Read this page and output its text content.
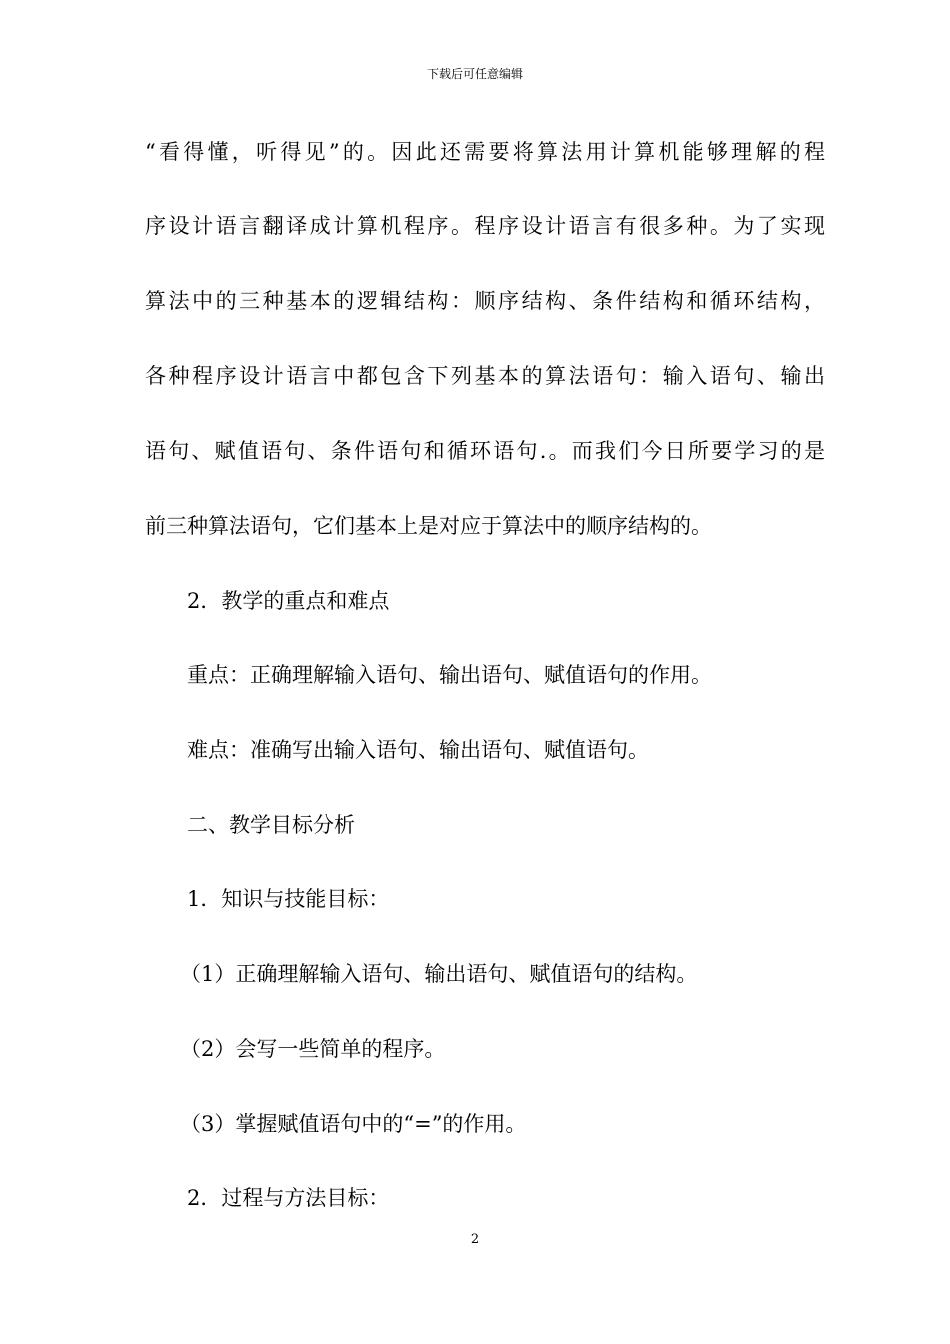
下载后可任意编辑
“看得懂，听得见”的。因此还需要将算法用计算机能够理解的程
序设计语言翻译成计算机程序。程序设计语言有很多种。为了实现
算法中的三种基本的逻辑结构：顺序结构、条件结构和循环结构，
各种程序设计语言中都包含下列基本的算法语句：输入语句、输出
语句、赋值语句、条件语句和循环语句.。而我们今日所要学习的是
前三种算法语句，它们基本上是对应于算法中的顺序结构的。
2．教学的重点和难点
重点：正确理解输入语句、输出语句、赋值语句的作用。
难点：准确写出输入语句、输出语句、赋值语句。
二、教学目标分析
1．知识与技能目标：
（1）正确理解输入语句、输出语句、赋值语句的结构。
（2）会写一些简单的程序。
（3）掌握赋值语句中的“=”的作用。
2．过程与方法目标：
2
